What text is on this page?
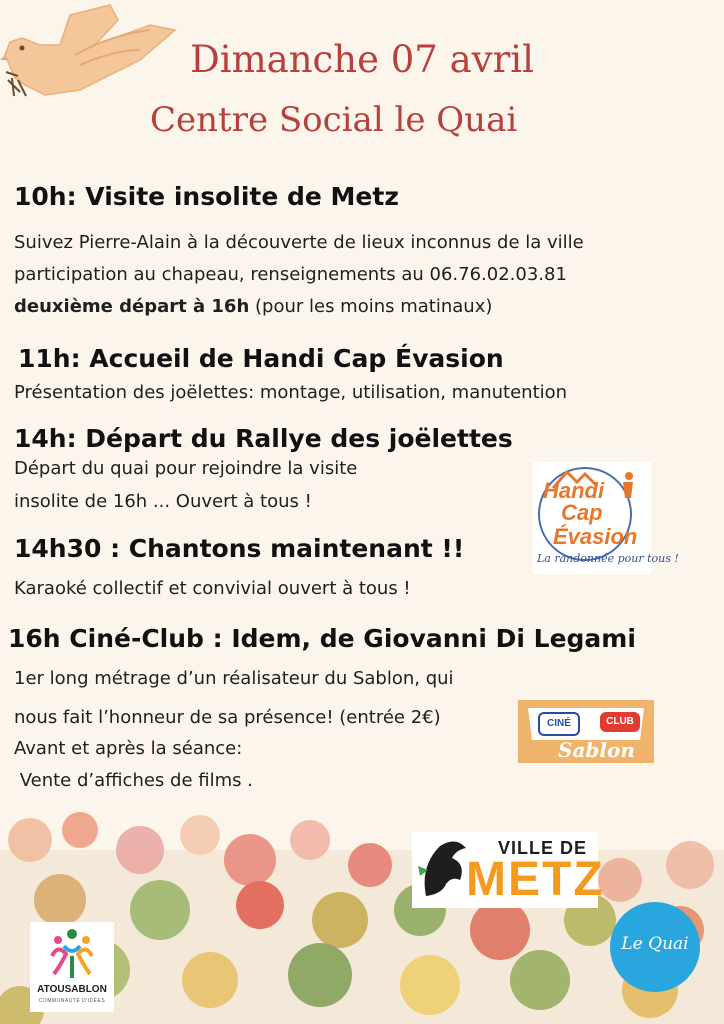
Dimanche 07 avril
Centre Social le Quai
10h: Visite insolite de Metz
Suivez Pierre-Alain à la découverte de lieux inconnus de la ville
participation au chapeau, renseignements au 06.76.02.03.81
deuxième départ à 16h (pour les moins matinaux)
11h: Accueil de Handi Cap Évasion
Présentation des joëlettes: montage, utilisation, manutention
14h: Départ du Rallye des joëlettes
Départ du quai pour rejoindre la visite
insolite de 16h ... Ouvert à tous !
14h30 : Chantons maintenant !!
Karaoké collectif et convivial ouvert à tous !
16h Ciné-Club : Idem, de Giovanni Di Legami
1er long métrage d’un réalisateur du Sablon, qui
nous fait l’honneur de sa présence! (entrée 2€)
Avant et après la séance:
Vente d’affiches de films .
Handi
Cap
Évasion
La randonnée pour tous !
CINÉ	CLUB
Sablon
VILLE DE
METZ
ATOUSABLON
COMMUNAUTÉ D'IDÉES
Le Quai
